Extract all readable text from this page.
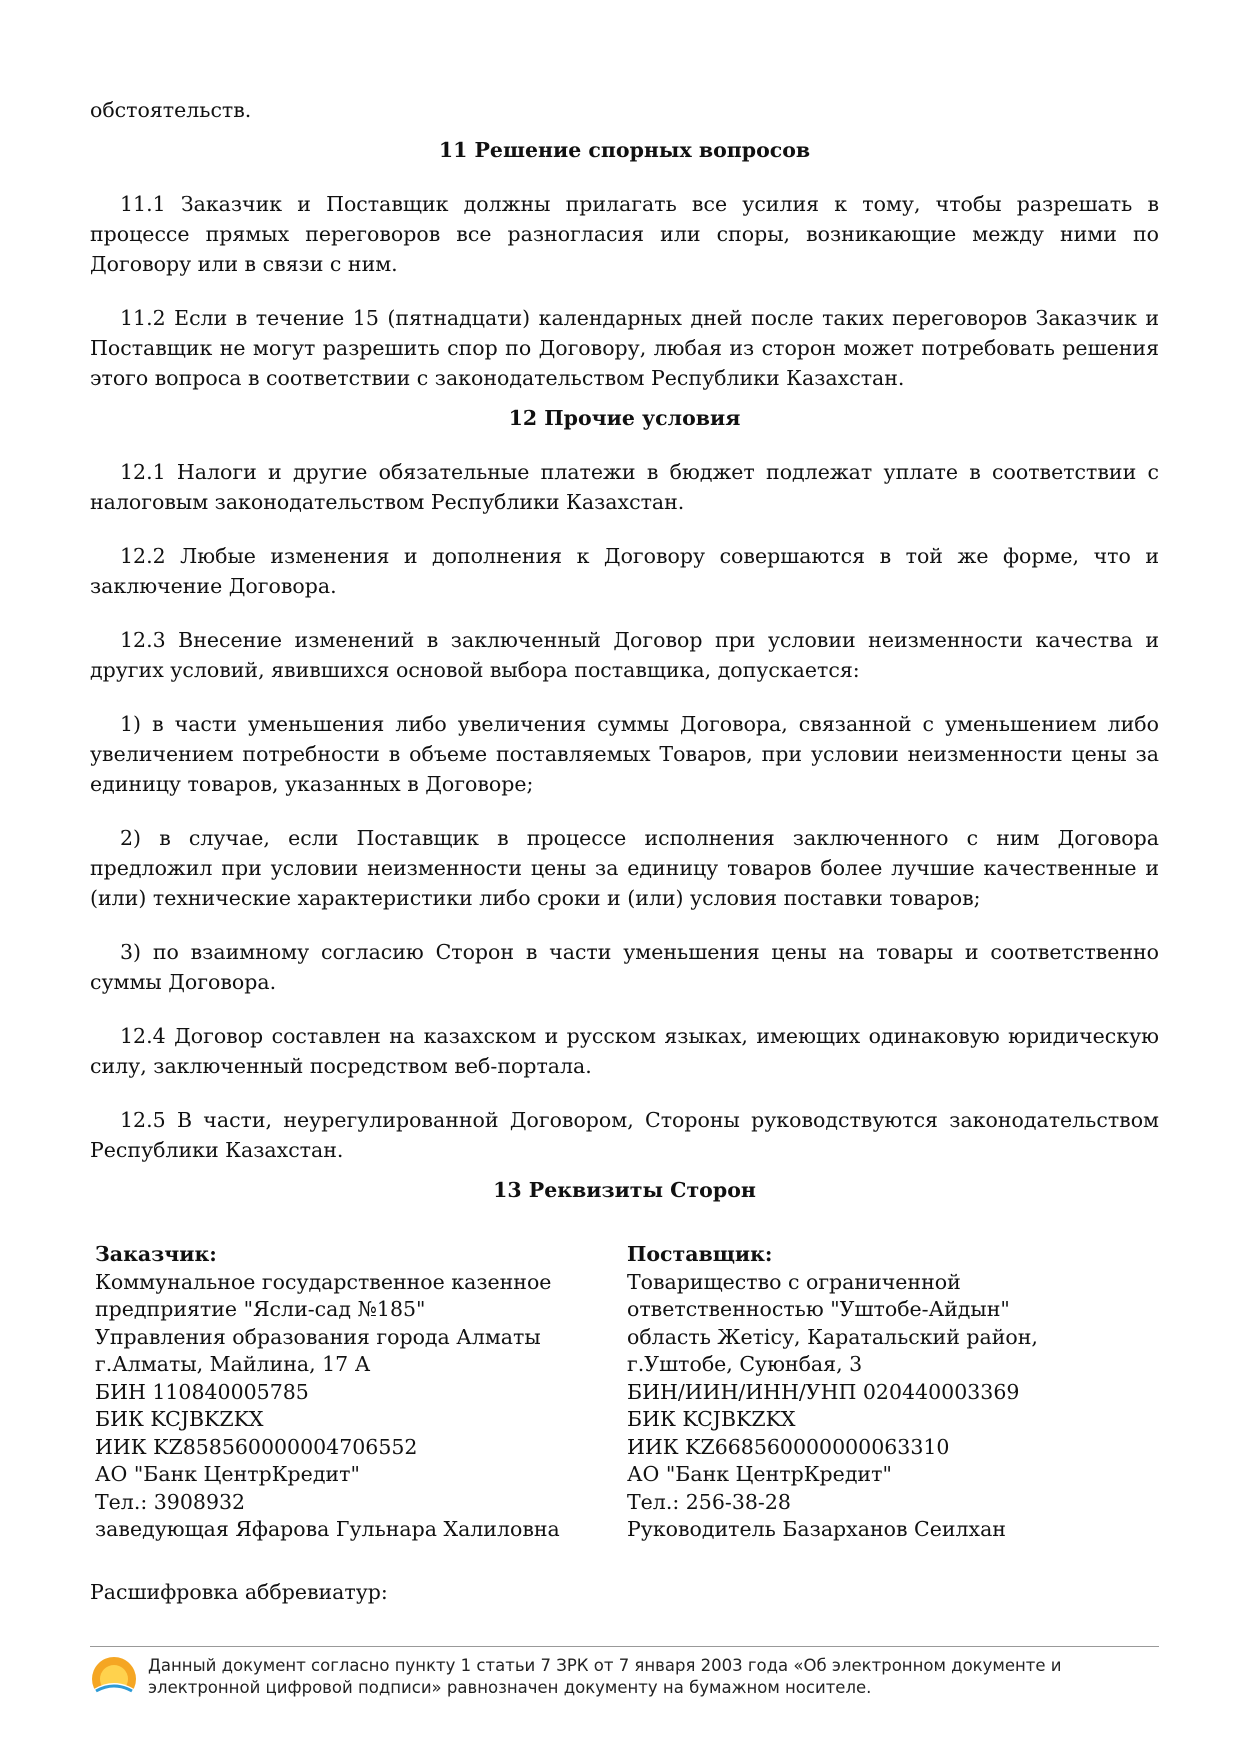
обстоятельств.

11 Решение спорных вопросов

11.1 Заказчик и Поставщик должны прилагать все усилия к тому, чтобы разрешать в процессе прямых переговоров все разногласия или споры, возникающие между ними по Договору или в связи с ним.

11.2 Если в течение 15 (пятнадцати) календарных дней после таких переговоров Заказчик и Поставщик не могут разрешить спор по Договору, любая из сторон может потребовать решения этого вопроса в соответствии с законодательством Республики Казахстан.

12 Прочие условия

12.1 Налоги и другие обязательные платежи в бюджет подлежат уплате в соответствии с налоговым законодательством Республики Казахстан.

12.2 Любые изменения и дополнения к Договору совершаются в той же форме, что и заключение Договора.

12.3 Внесение изменений в заключенный Договор при условии неизменности качества и других условий, явившихся основой выбора поставщика, допускается:

1) в части уменьшения либо увеличения суммы Договора, связанной с уменьшением либо увеличением потребности в объеме поставляемых Товаров, при условии неизменности цены за единицу товаров, указанных в Договоре;

2) в случае, если Поставщик в процессе исполнения заключенного с ним Договора предложил при условии неизменности цены за единицу товаров более лучшие качественные и (или) технические характеристики либо сроки и (или) условия поставки товаров;

3) по взаимному согласию Сторон в части уменьшения цены на товары и соответственно суммы Договора.

12.4 Договор составлен на казахском и русском языках, имеющих одинаковую юридическую силу, заключенный посредством веб-портала.

12.5 В части, неурегулированной Договором, Стороны руководствуются законодательством Республики Казахстан.

13 Реквизиты Сторон
Заказчик:
Коммунальное государственное казенное
предприятие "Ясли-сад №185"
Управления образования города Алматы
г.Алматы, Майлина, 17 А
БИН 110840005785
БИК KCJBKZKX
ИИК KZ858560000004706552
АО "Банк ЦентрКредит"
Тел.: 3908932
заведующая Яфарова Гульнара Халиловна
Поставщик:
Товарищество с ограниченной
ответственностью "Уштобе-Айдын"
область Жетісу, Каратальский район,
г.Уштобе, Суюнбая, 3
БИН/ИИН/ИНН/УНП 020440003369
БИК KCJBKZKX
ИИК KZ668560000000063310
АО "Банк ЦентрКредит"
Тел.: 256-38-28
Руководитель Базарханов Сеилхан
Расшифровка аббревиатур:
Данный документ согласно пункту 1 статьи 7 ЗРК от 7 января 2003 года «Об электронном документе и
электронной цифровой подписи» равнозначен документу на бумажном носителе.
